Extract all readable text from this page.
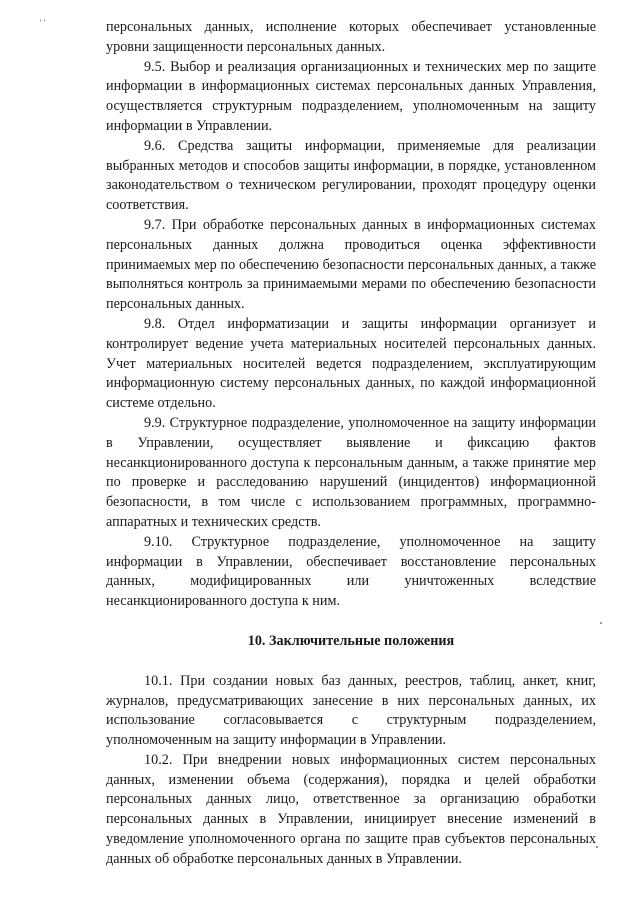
' '	персональных данных, исполнение которых обеспечивает установленные уровни защищенности персональных данных.

9.5. Выбор и реализация организационных и технических мер по защите информации в информационных системах персональных данных Управления, осуществляется структурным подразделением, уполномоченным на защиту информации в Управлении.

9.6. Средства защиты информации, применяемые для реализации выбранных методов и способов защиты информации, в порядке, установленном законодательством о техническом регулировании, проходят процедуру оценки соответствия.

9.7. При обработке персональных данных в информационных системах персональных данных должна проводиться оценка эффективности принимаемых мер по обеспечению безопасности персональных данных, а также выполняться контроль за принимаемыми мерами по обеспечению безопасности персональных данных.

9.8. Отдел информатизации и защиты информации организует и контролирует ведение учета материальных носителей персональных данных. Учет материальных носителей ведется подразделением, эксплуатирующим информационную систему персональных данных, по каждой информационной системе отдельно.

9.9. Структурное подразделение, уполномоченное на защиту информации в Управлении, осуществляет выявление и фиксацию фактов несанкционированного доступа к персональным данным, а также принятие мер по проверке и расследованию нарушений (инцидентов) информационной безопасности, в том числе с использованием программных, программно-аппаратных и технических средств.

9.10. Структурное подразделение, уполномоченное на защиту информации в Управлении, обеспечивает восстановление персональных данных, модифицированных или уничтоженных вследствие несанкционированного доступа к ним.

10. Заключительные положения

10.1. При создании новых баз данных, реестров, таблиц, анкет, книг, журналов, предусматривающих занесение в них персональных данных, их использование согласовывается с структурным подразделением, уполномоченным на защиту информации в Управлении.

10.2. При внедрении новых информационных систем персональных данных, изменении объема (содержания), порядка и целей обработки персональных данных лицо, ответственное за организацию обработки персональных данных в Управлении, инициирует внесение изменений в уведомление уполномоченного органа по защите прав субъектов персональных данных об обработке персональных данных в Управлении.
